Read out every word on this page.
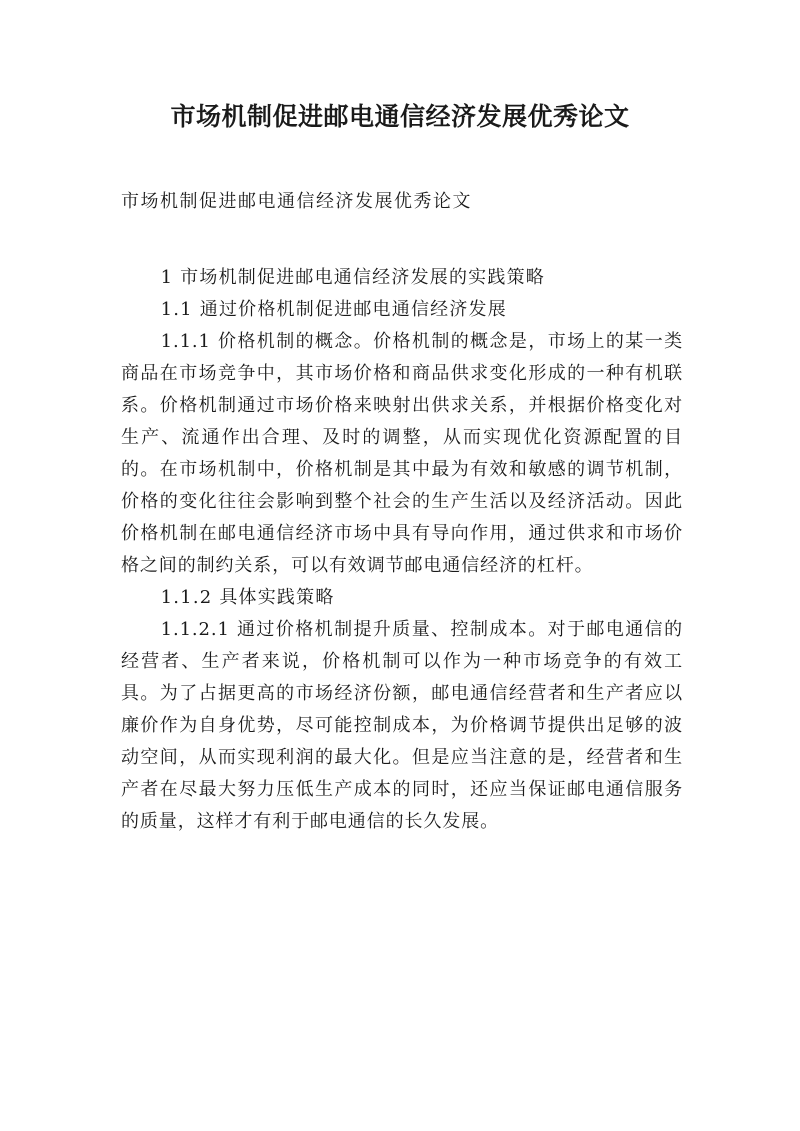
市场机制促进邮电通信经济发展优秀论文

市场机制促进邮电通信经济发展优秀论文

1 市场机制促进邮电通信经济发展的实践策略

1.1 通过价格机制促进邮电通信经济发展

1.1.1 价格机制的概念。价格机制的概念是，市场上的某一类商品在市场竞争中，其市场价格和商品供求变化形成的一种有机联系。价格机制通过市场价格来映射出供求关系，并根据价格变化对生产、流通作出合理、及时的调整，从而实现优化资源配置的目的。在市场机制中，价格机制是其中最为有效和敏感的调节机制，价格的变化往往会影响到整个社会的生产生活以及经济活动。因此价格机制在邮电通信经济市场中具有导向作用，通过供求和市场价格之间的制约关系，可以有效调节邮电通信经济的杠杆。

1.1.2 具体实践策略

1.1.2.1 通过价格机制提升质量、控制成本。对于邮电通信的经营者、生产者来说，价格机制可以作为一种市场竞争的有效工具。为了占据更高的市场经济份额，邮电通信经营者和生产者应以廉价作为自身优势，尽可能控制成本，为价格调节提供出足够的波动空间，从而实现利润的最大化。但是应当注意的是，经营者和生产者在尽最大努力压低生产成本的同时，还应当保证邮电通信服务的质量，这样才有利于邮电通信的长久发展。
